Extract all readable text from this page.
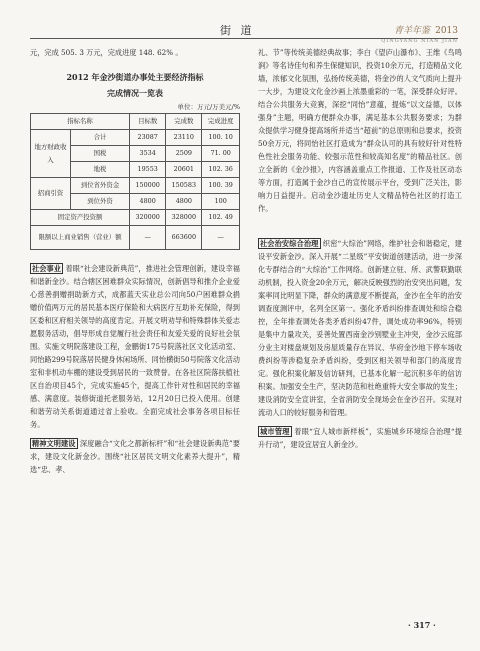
街 道	青羊年鉴 2013
QINGYANG NIAN JIAN

元，完成 505. 3 万元，完成进度 148. 62% 。

2012 年金沙街道办事处主要经济指标
完成情况一览表
单位：万元/万美元/%
指标名称		目标数	完成数	完成进度
地方财政收入	合计	23087	23110	100. 10
	国税	3534	2509	71. 00
	地税	19553	20601	102. 36
招商引资	到位省外资金	150000	150583	100. 39
	到位外资	4800	4800	100
固定资产投资额		320000	328000	102. 49
限额以上商业销售（营业）额		—	663600	—

社会事业 着眼“社会建设新典范”，推进社会管理创新，建设幸福和谐新金沙。结合辖区困难群众实际情况，创新倡导和推介企业爱心慈善捐赠捐助新方式，成都蓝天实业总公司向50户困难群众捐赠价值两万元的居民基本医疗保险和大病医疗互助补充保险，得到区委和区府相关领导的高度肯定。开展文明劝导和特殊群体关爱志愿服务活动，倡导形成自觉履行社会责任和友爱关爱的良好社会氛围。实施文明院落建设工程，金鹏街175号院落社区文化活动室、同怡路299号院落居民健身休闲场所、同怡横街50号院落文化活动室和非机动车棚的建设受到居民的一致赞誉。在各社区院落扶植社区自治项目45个，完成实施45个，提高工作针对性和居民的幸福感、满意度。装修街道托老服务站，12月20日已投入使用。创建和谐劳动关系街道通过省上验收。全面完成社会事务各项目标任务。

精神文明建设 深度融合“文化之都新标杆”和“社会建设新典范”要求，建设文化新金沙。围绕“社区居民文明文化素养大提升”，精选“忠、孝、

礼、节”等传统美德经典故事；李白《望庐山瀑布》、王维《鸟鸣涧》等名诗佳句和养生保健知识，投资10余万元，打造精品文化墙，浓郁文化氛围，弘扬传统美德，将金沙的人文气质向上提升一大步，为建设文化金沙画上浓墨重彩的一笔，深受群众好评。结合公共服务大竞赛，深挖“同怡”意蕴，提炼“以文益德，以体强身”主题，明确方便群众办事，满足基本公共服务要求；为群众提供学习健身提高场所并适当“超前”的总原则和总要求，投资50余万元，将同怡社区打造成为“群众认可的具有较好针对性特色性社会服务功能、较强示范性和较高知名度”的精品社区。创立全新的《金沙报》，内容涵盖重点工作报道、工作及社区动态等方面，打造属于金沙自己的宣传展示平台，受到广泛关注，影响力日益提升。启动金沙遗址历史人文精品特色社区的打造工作。

社会治安综合治理 织密“大综治”网络，维护社会和谐稳定，建设平安新金沙。深入开展“二星级”平安街道创建活动，进一步深化专群结合的“大综治”工作网络。创新建立驻、所、武警联勤联动机制，投入资金20余万元，解决反映强烈的治安突出问题，发案率同比明显下降，群众的满意度不断提高，金沙在全年的治安调查度测评中，名列全区第一。强化矛盾纠纷排查调处和综合稳控，全年排查调处各类矛盾纠纷47件，调处成功率96%，特别是集中力量攻关，妥善处置西南金沙别墅业主冲突，金沙云庭部分业主对楼盘规划及房屋质量存在异议、华府金沙地下停车场收费纠纷等涉稳复杂矛盾纠纷，受到区相关领导和部门的高度肯定。强化积案化解及信访研判，已基本化解一起沉积多年的信访积案。加强安全生产，坚决防范和杜绝重特大安全事故的发生；建设消防安全宣讲室，全省消防安全现场会在金沙召开。实现对流动人口的较好服务和管理。

城市管理 着眼“宜人城市新样板”，实施城乡环境综合治理“提升行动”，建设宜居宜人新金沙。

· 317 ·
